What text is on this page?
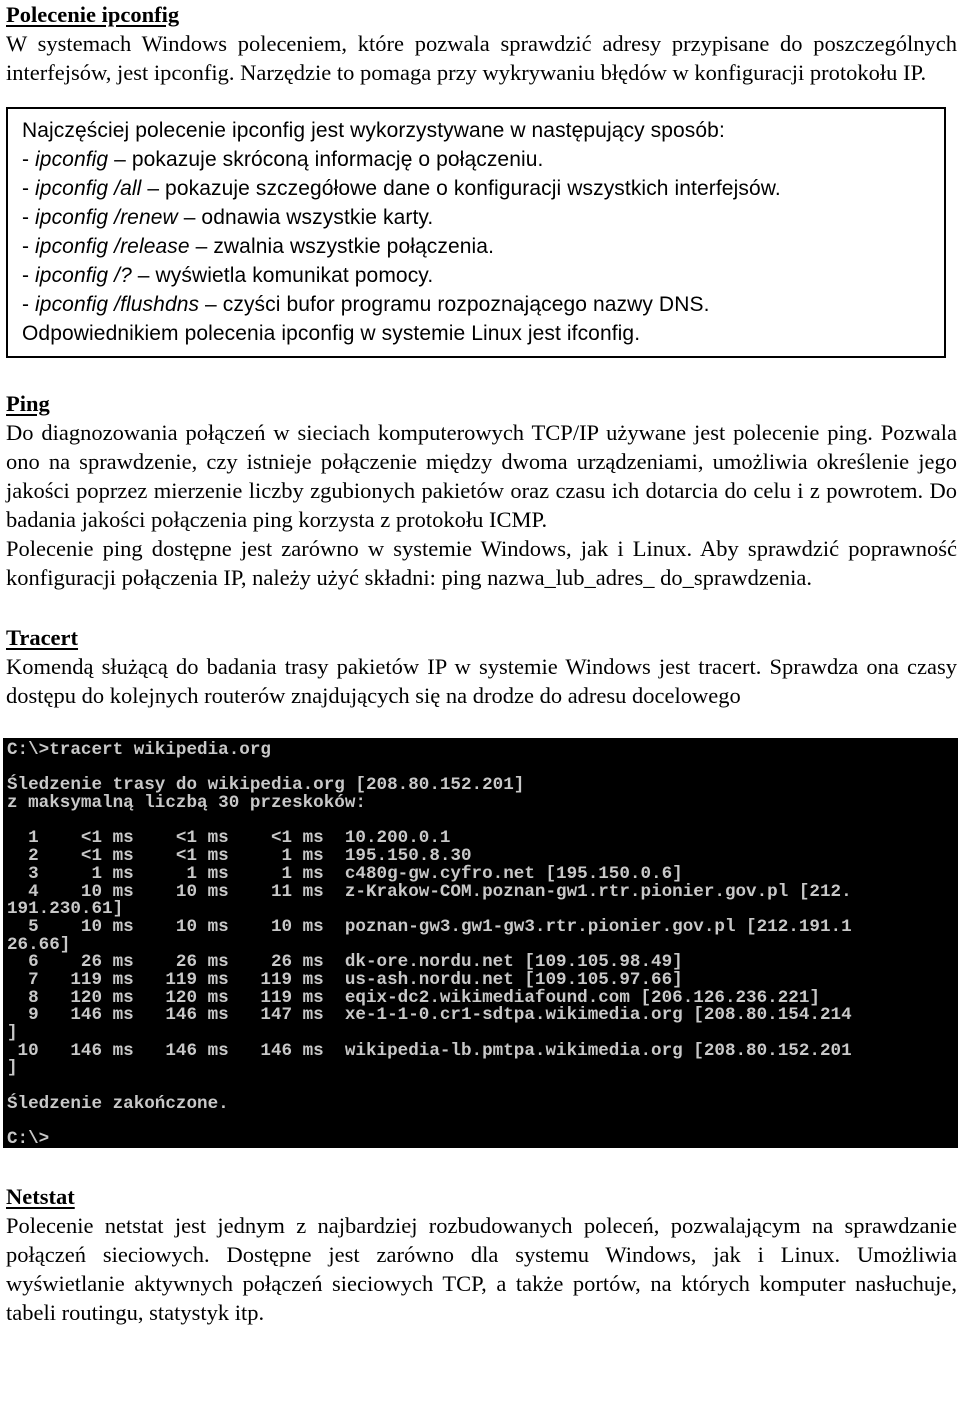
Polecenie ipconfig

W systemach Windows poleceniem, które pozwala sprawdzić adresy przypisane do poszczególnych interfejsów, jest ipconfig. Narzędzie to pomaga przy wykrywaniu błędów w konfiguracji protokołu IP.

Najczęściej polecenie ipconfig jest wykorzystywane w następujący sposób:
- ipconfig – pokazuje skróconą informację o połączeniu.
- ipconfig /all – pokazuje szczegółowe dane o konfiguracji wszystkich interfejsów.
- ipconfig /renew – odnawia wszystkie karty.
- ipconfig /release – zwalnia wszystkie połączenia.
- ipconfig /? – wyświetla komunikat pomocy.
- ipconfig /flushdns – czyści bufor programu rozpoznającego nazwy DNS.
Odpowiednikiem polecenia ipconfig w systemie Linux jest ifconfig.
Ping

Do diagnozowania połączeń w sieciach komputerowych TCP/IP używane jest polecenie ping. Pozwala ono na sprawdzenie, czy istnieje połączenie między dwoma urządzeniami, umożliwia określenie jego jakości poprzez mierzenie liczby zgubionych pakietów oraz czasu ich dotarcia do celu i z powrotem. Do badania jakości połączenia ping korzysta z protokołu ICMP.

Polecenie ping dostępne jest zarówno w systemie Windows, jak i Linux. Aby sprawdzić poprawność konfiguracji połączenia IP, należy użyć składni: ping nazwa_lub_adres_ do_sprawdzenia.

Tracert

Komendą służącą do badania trasy pakietów IP w systemie Windows jest tracert. Sprawdza ona czasy dostępu do kolejnych routerów znajdujących się na drodze do adresu docelowego

C:\>tracert wikipedia.org
Śledzenie trasy do wikipedia.org [208.80.152.201]
z maksymalną liczbą 30 przeskoków:
1    <1 ms    <1 ms    <1 ms  10.200.0.1
2    <1 ms    <1 ms     1 ms  195.150.8.30
3     1 ms     1 ms     1 ms  c480g-gw.cyfro.net [195.150.0.6]
4    10 ms    10 ms    11 ms  z-Krakow-COM.poznan-gw1.rtr.pionier.gov.pl [212.
191.230.61]
5    10 ms    10 ms    10 ms  poznan-gw3.gw1-gw3.rtr.pionier.gov.pl [212.191.1
26.66]
6    26 ms    26 ms    26 ms  dk-ore.nordu.net [109.105.98.49]
7   119 ms   119 ms   119 ms  us-ash.nordu.net [109.105.97.66]
8   120 ms   120 ms   119 ms  eqix-dc2.wikimediafound.com [206.126.236.221]
9   146 ms   146 ms   147 ms  xe-1-1-0.cr1-sdtpa.wikimedia.org [208.80.154.214
]
10   146 ms   146 ms   146 ms  wikipedia-lb.pmtpa.wikimedia.org [208.80.152.201
]
Śledzenie zakończone.
C:\>
Netstat

Polecenie netstat jest jednym z najbardziej rozbudowanych poleceń, pozwalającym na sprawdzanie połączeń sieciowych. Dostępne jest zarówno dla systemu Windows, jak i Linux. Umożliwia wyświetlanie aktywnych połączeń sieciowych TCP, a także portów, na których komputer nasłuchuje, tabeli routingu, statystyk itp.
